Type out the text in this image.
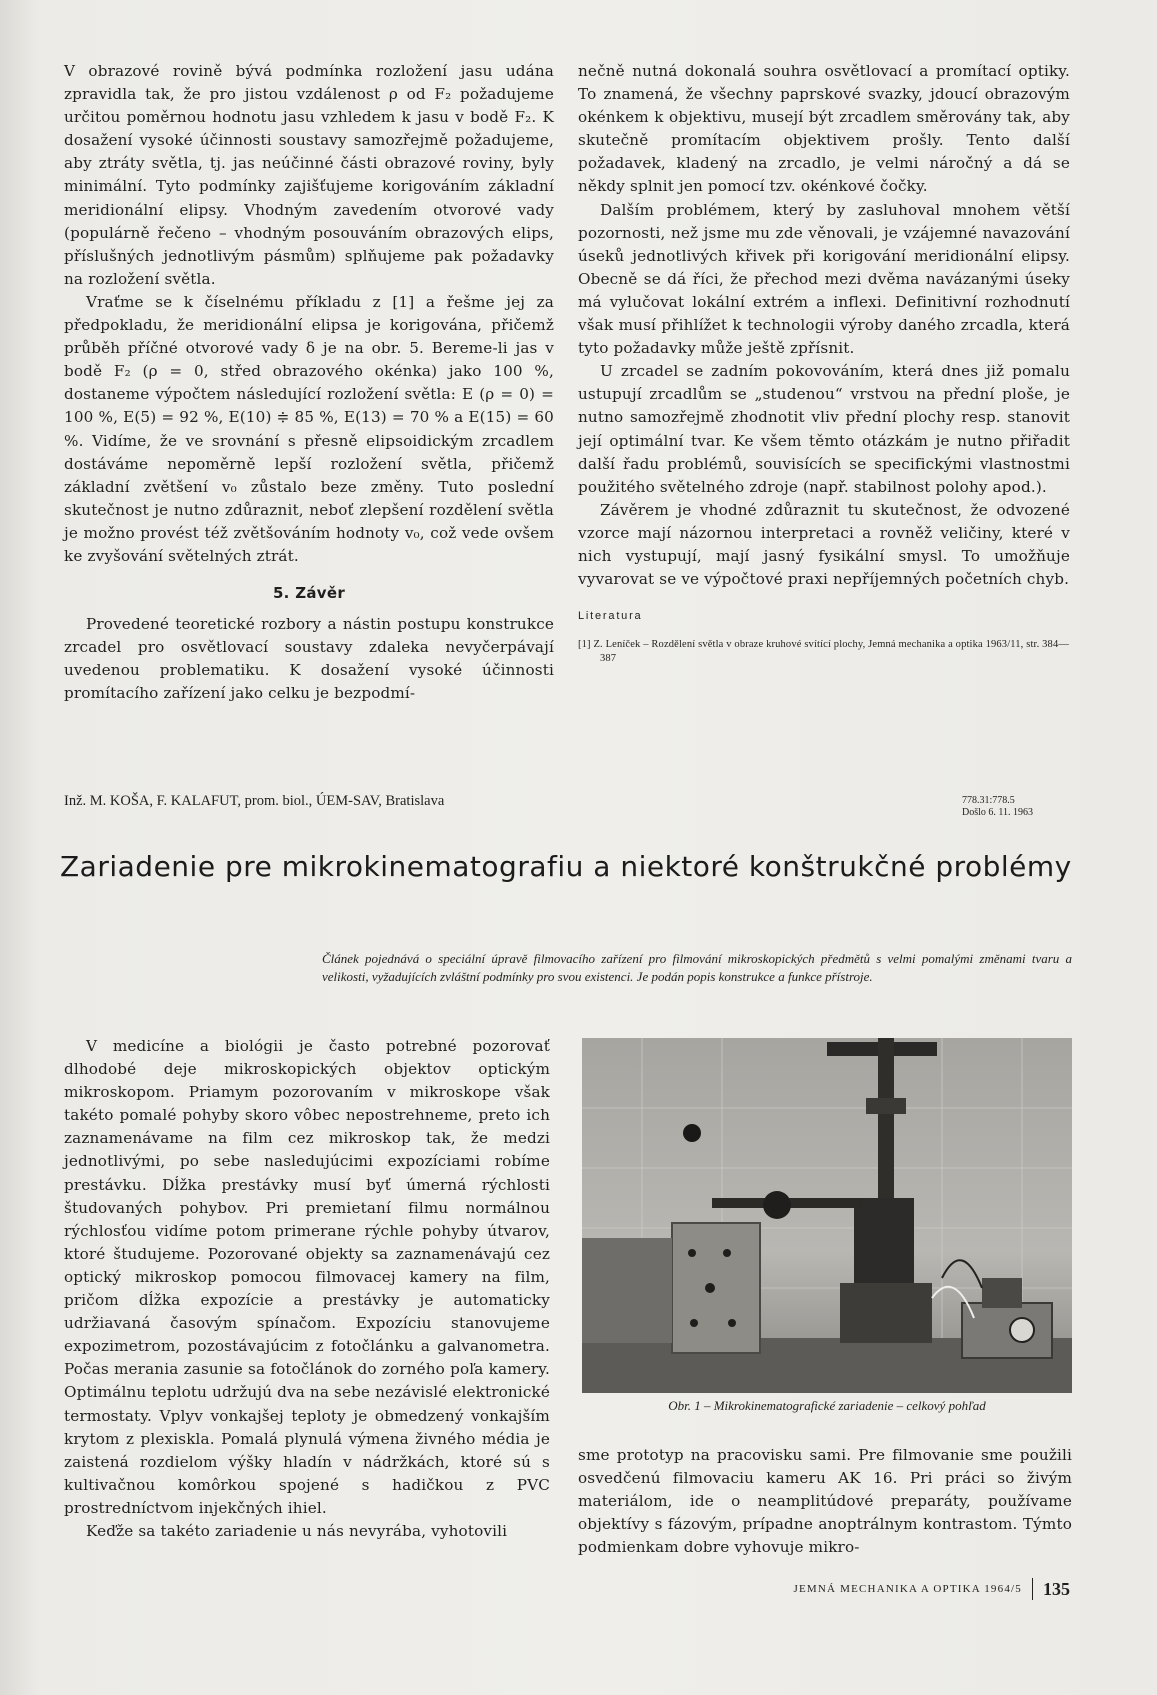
V obrazové rovině bývá podmínka rozložení jasu udána zpravidla tak, že pro jistou vzdálenost ρ od F₂ požadujeme určitou poměrnou hodnotu jasu vzhledem k jasu v bodě F₂. K dosažení vysoké účinnosti soustavy samozřejmě požadujeme, aby ztráty světla, tj. jas neúčinné části obrazové roviny, byly minimální. Tyto podmínky zajišťujeme korigováním základní meridionální elipsy. Vhodným zavedením otvorové vady (populárně řečeno – vhodným posouváním obrazových elips, příslušných jednotlivým pásmům) splňujeme pak požadavky na rozložení světla.

Vraťme se k číselnému příkladu z [1] a řešme jej za předpokladu, že meridionální elipsa je korigována, přičemž průběh příčné otvorové vady δ je na obr. 5. Bereme-li jas v bodě F₂ (ρ = 0, střed obrazového okénka) jako 100 %, dostaneme výpočtem následující rozložení světla: E (ρ = 0) = 100 %, E(5) = 92 %, E(10) ≑ 85 %, E(13) = 70 % a E(15) = 60 %. Vidíme, že ve srovnání s přesně elipsoidickým zrcadlem dostáváme nepoměrně lepší rozložení světla, přičemž základní zvětšení v₀ zůstalo beze změny. Tuto poslední skutečnost je nutno zdůraznit, neboť zlepšení rozdělení světla je možno provést též zvětšováním hodnoty v₀, což vede ovšem ke zvyšování světelných ztrát.

5. Závěr

Provedené teoretické rozbory a nástin postupu konstrukce zrcadel pro osvětlovací soustavy zdaleka nevyčerpávají uvedenou problematiku. K dosažení vysoké účinnosti promítacího zařízení jako celku je bezpodmí-

nečně nutná dokonalá souhra osvětlovací a promítací optiky. To znamená, že všechny paprskové svazky, jdoucí obrazovým okénkem k objektivu, musejí být zrcadlem směrovány tak, aby skutečně promítacím objektivem prošly. Tento další požadavek, kladený na zrcadlo, je velmi náročný a dá se někdy splnit jen pomocí tzv. okénkové čočky.

Dalším problémem, který by zasluhoval mnohem větší pozornosti, než jsme mu zde věnovali, je vzájemné navazování úseků jednotlivých křivek při korigování meridionální elipsy. Obecně se dá říci, že přechod mezi dvěma navázanými úseky má vylučovat lokální extrém a inflexi. Definitivní rozhodnutí však musí přihlížet k technologii výroby daného zrcadla, která tyto požadavky může ještě zpřísnit.

U zrcadel se zadním pokovováním, která dnes již pomalu ustupují zrcadlům se „studenou“ vrstvou na přední ploše, je nutno samozřejmě zhodnotit vliv přední plochy resp. stanovit její optimální tvar. Ke všem těmto otázkám je nutno přiřadit další řadu problémů, souvisících se specifickými vlastnostmi použitého světelného zdroje (např. stabilnost polohy apod.).

Závěrem je vhodné zdůraznit tu skutečnost, že odvozené vzorce mají názornou interpretaci a rovněž veličiny, které v nich vystupují, mají jasný fysikální smysl. To umožňuje vyvarovat se ve výpočtové praxi nepříjemných početních chyb.

Literatura
[1] Z. Leníček – Rozdělení světla v obraze kruhové svítící plochy, Jemná mechanika a optika 1963/11, str. 384—387
Inž. M. KOŠA, F. KALAFUT, prom. biol., ÚEM-SAV, Bratislava	778.31:778.5
Došlo 6. 11. 1963
Zariadenie pre mikrokinematografiu a niektoré konštrukčné problémy
Článek pojednává o speciální úpravě filmovacího zařízení pro filmování mikroskopických předmětů s velmi pomalými změnami tvaru a velikosti, vyžadujících zvláštní podmínky pro svou existenci. Je podán popis konstrukce a funkce přístroje.

V medicíne a biológii je často potrebné pozorovať dlhodobé deje mikroskopických objektov optickým mikroskopom. Priamym pozorovaním v mikroskope však takéto pomalé pohyby skoro vôbec nepostrehneme, preto ich zaznamenávame na film cez mikroskop tak, že medzi jednotlivými, po sebe nasledujúcimi expozíciami robíme prestávku. Dĺžka prestávky musí byť úmerná rýchlosti študovaných pohybov. Pri premietaní filmu normálnou rýchlosťou vidíme potom primerane rýchle pohyby útvarov, ktoré študujeme. Pozorované objekty sa zaznamenávajú cez optický mikroskop pomocou filmovacej kamery na film, pričom dĺžka expozície a prestávky je automaticky udržiavaná časovým spínačom. Expozíciu stanovujeme expozimetrom, pozostávajúcim z fotočlánku a galvanometra. Počas merania zasunie sa fotočlánok do zorného poľa kamery. Optimálnu teplotu udržujú dva na sebe nezávislé elektronické termostaty. Vplyv vonkajšej teploty je obmedzený vonkajším krytom z plexiskla. Pomalá plynulá výmena živného média je zaistená rozdielom výšky hladín v nádržkách, ktoré sú s kultivačnou komôrkou spojené s hadičkou z PVC prostredníctvom injekčných ihiel.

Keďže sa takéto zariadenie u nás nevyrába, vyhotovili

Obr. 1 – Mikrokinematografické zariadenie – celkový pohľad

sme prototyp na pracovisku sami. Pre filmovanie sme použili osvedčenú filmovaciu kameru AK 16. Pri práci so živým materiálom, ide o neamplitúdové preparáty, používame objektívy s fázovým, prípadne anoptrálnym kontrastom. Týmto podmienkam dobre vyhovuje mikro-

JEMNÁ MECHANIKA A OPTIKA 1964/5 135
